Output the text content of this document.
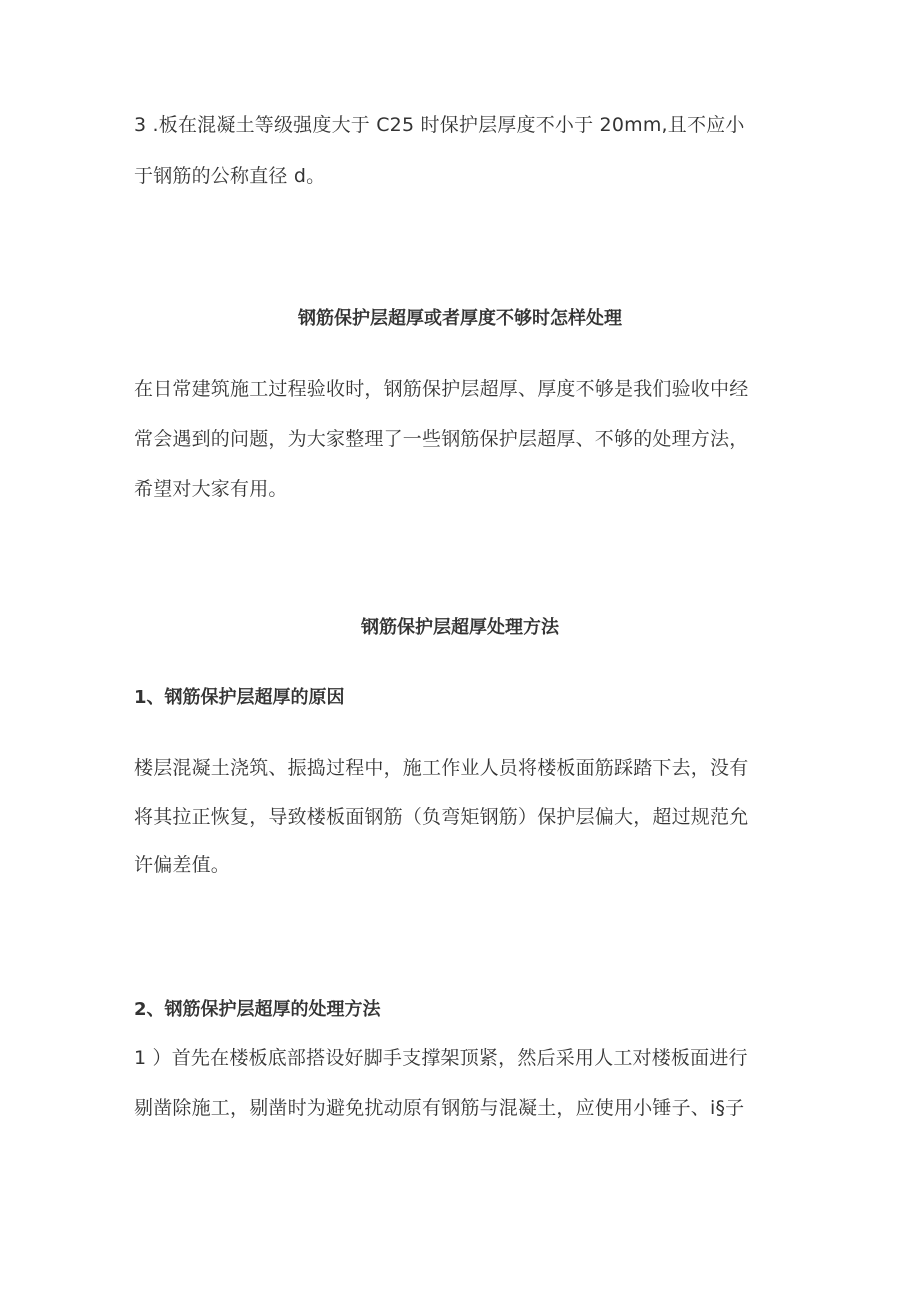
3 .板在混凝土等级强度大于 C25 时保护层厚度不小于 20mm,且不应小
于钢筋的公称直径 d。
钢筋保护层超厚或者厚度不够时怎样处理
在日常建筑施工过程验收时，钢筋保护层超厚、厚度不够是我们验收中经
常会遇到的问题，为大家整理了一些钢筋保护层超厚、不够的处理方法，
希望对大家有用。
钢筋保护层超厚处理方法
1、钢筋保护层超厚的原因
楼层混凝土浇筑、振捣过程中，施工作业人员将楼板面筋踩踏下去，没有
将其拉正恢复，导致楼板面钢筋（负弯矩钢筋）保护层偏大，超过规范允
许偏差值。
2、钢筋保护层超厚的处理方法
1 ）首先在楼板底部搭设好脚手支撑架顶紧，然后采用人工对楼板面进行
剔凿除施工，剔凿时为避免扰动原有钢筋与混凝土，应使用小锤子、i§子
